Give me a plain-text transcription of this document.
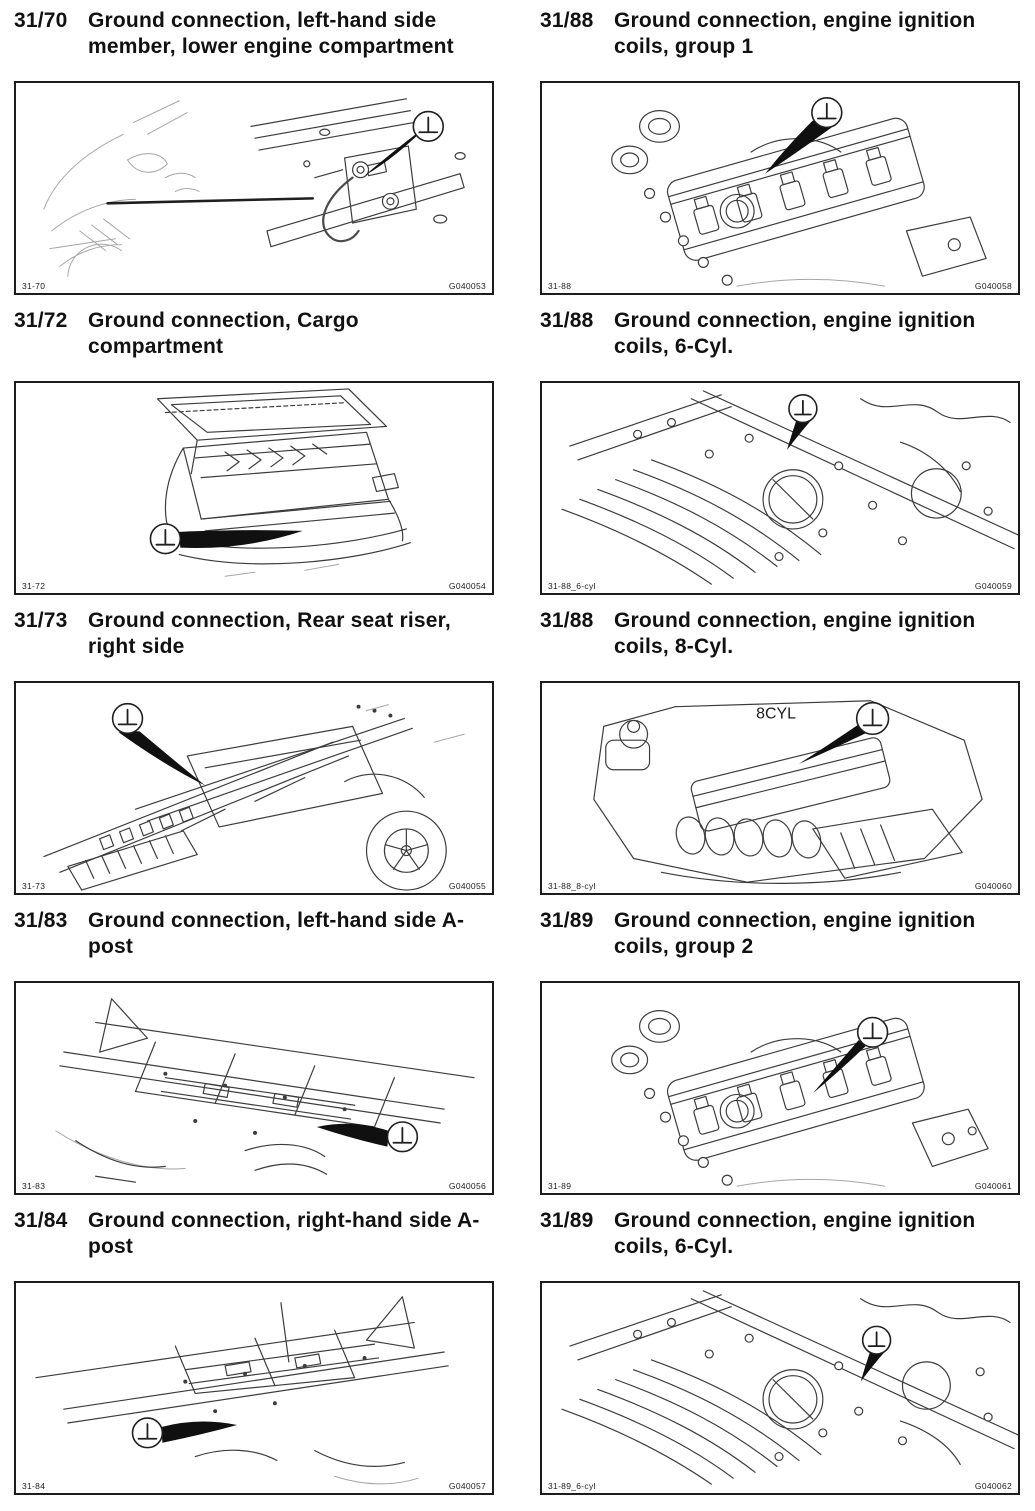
31/70 Ground connection, left-hand side member, lower engine compartment
31-70	G040053
31/72 Ground connection, Cargo compartment
31-72	G040054
31/73 Ground connection, Rear seat riser, right side
31-73	G040055
31/83 Ground connection, left-hand side A-post
31-83	G040056
31/84 Ground connection, right-hand side A-post
31-84	G040057
31/88 Ground connection, engine ignition coils, group 1
31-88	G040058
31/88 Ground connection, engine ignition coils, 6-Cyl.
31-88_6-cyl	G040059
31/88 Ground connection, engine ignition coils, 8-Cyl.
8CYL
31-88_8-cyl	G040060
31/89 Ground connection, engine ignition coils, group 2
31-89	G040061
31/89 Ground connection, engine ignition coils, 6-Cyl.
31-89_6-cyl	G040062
